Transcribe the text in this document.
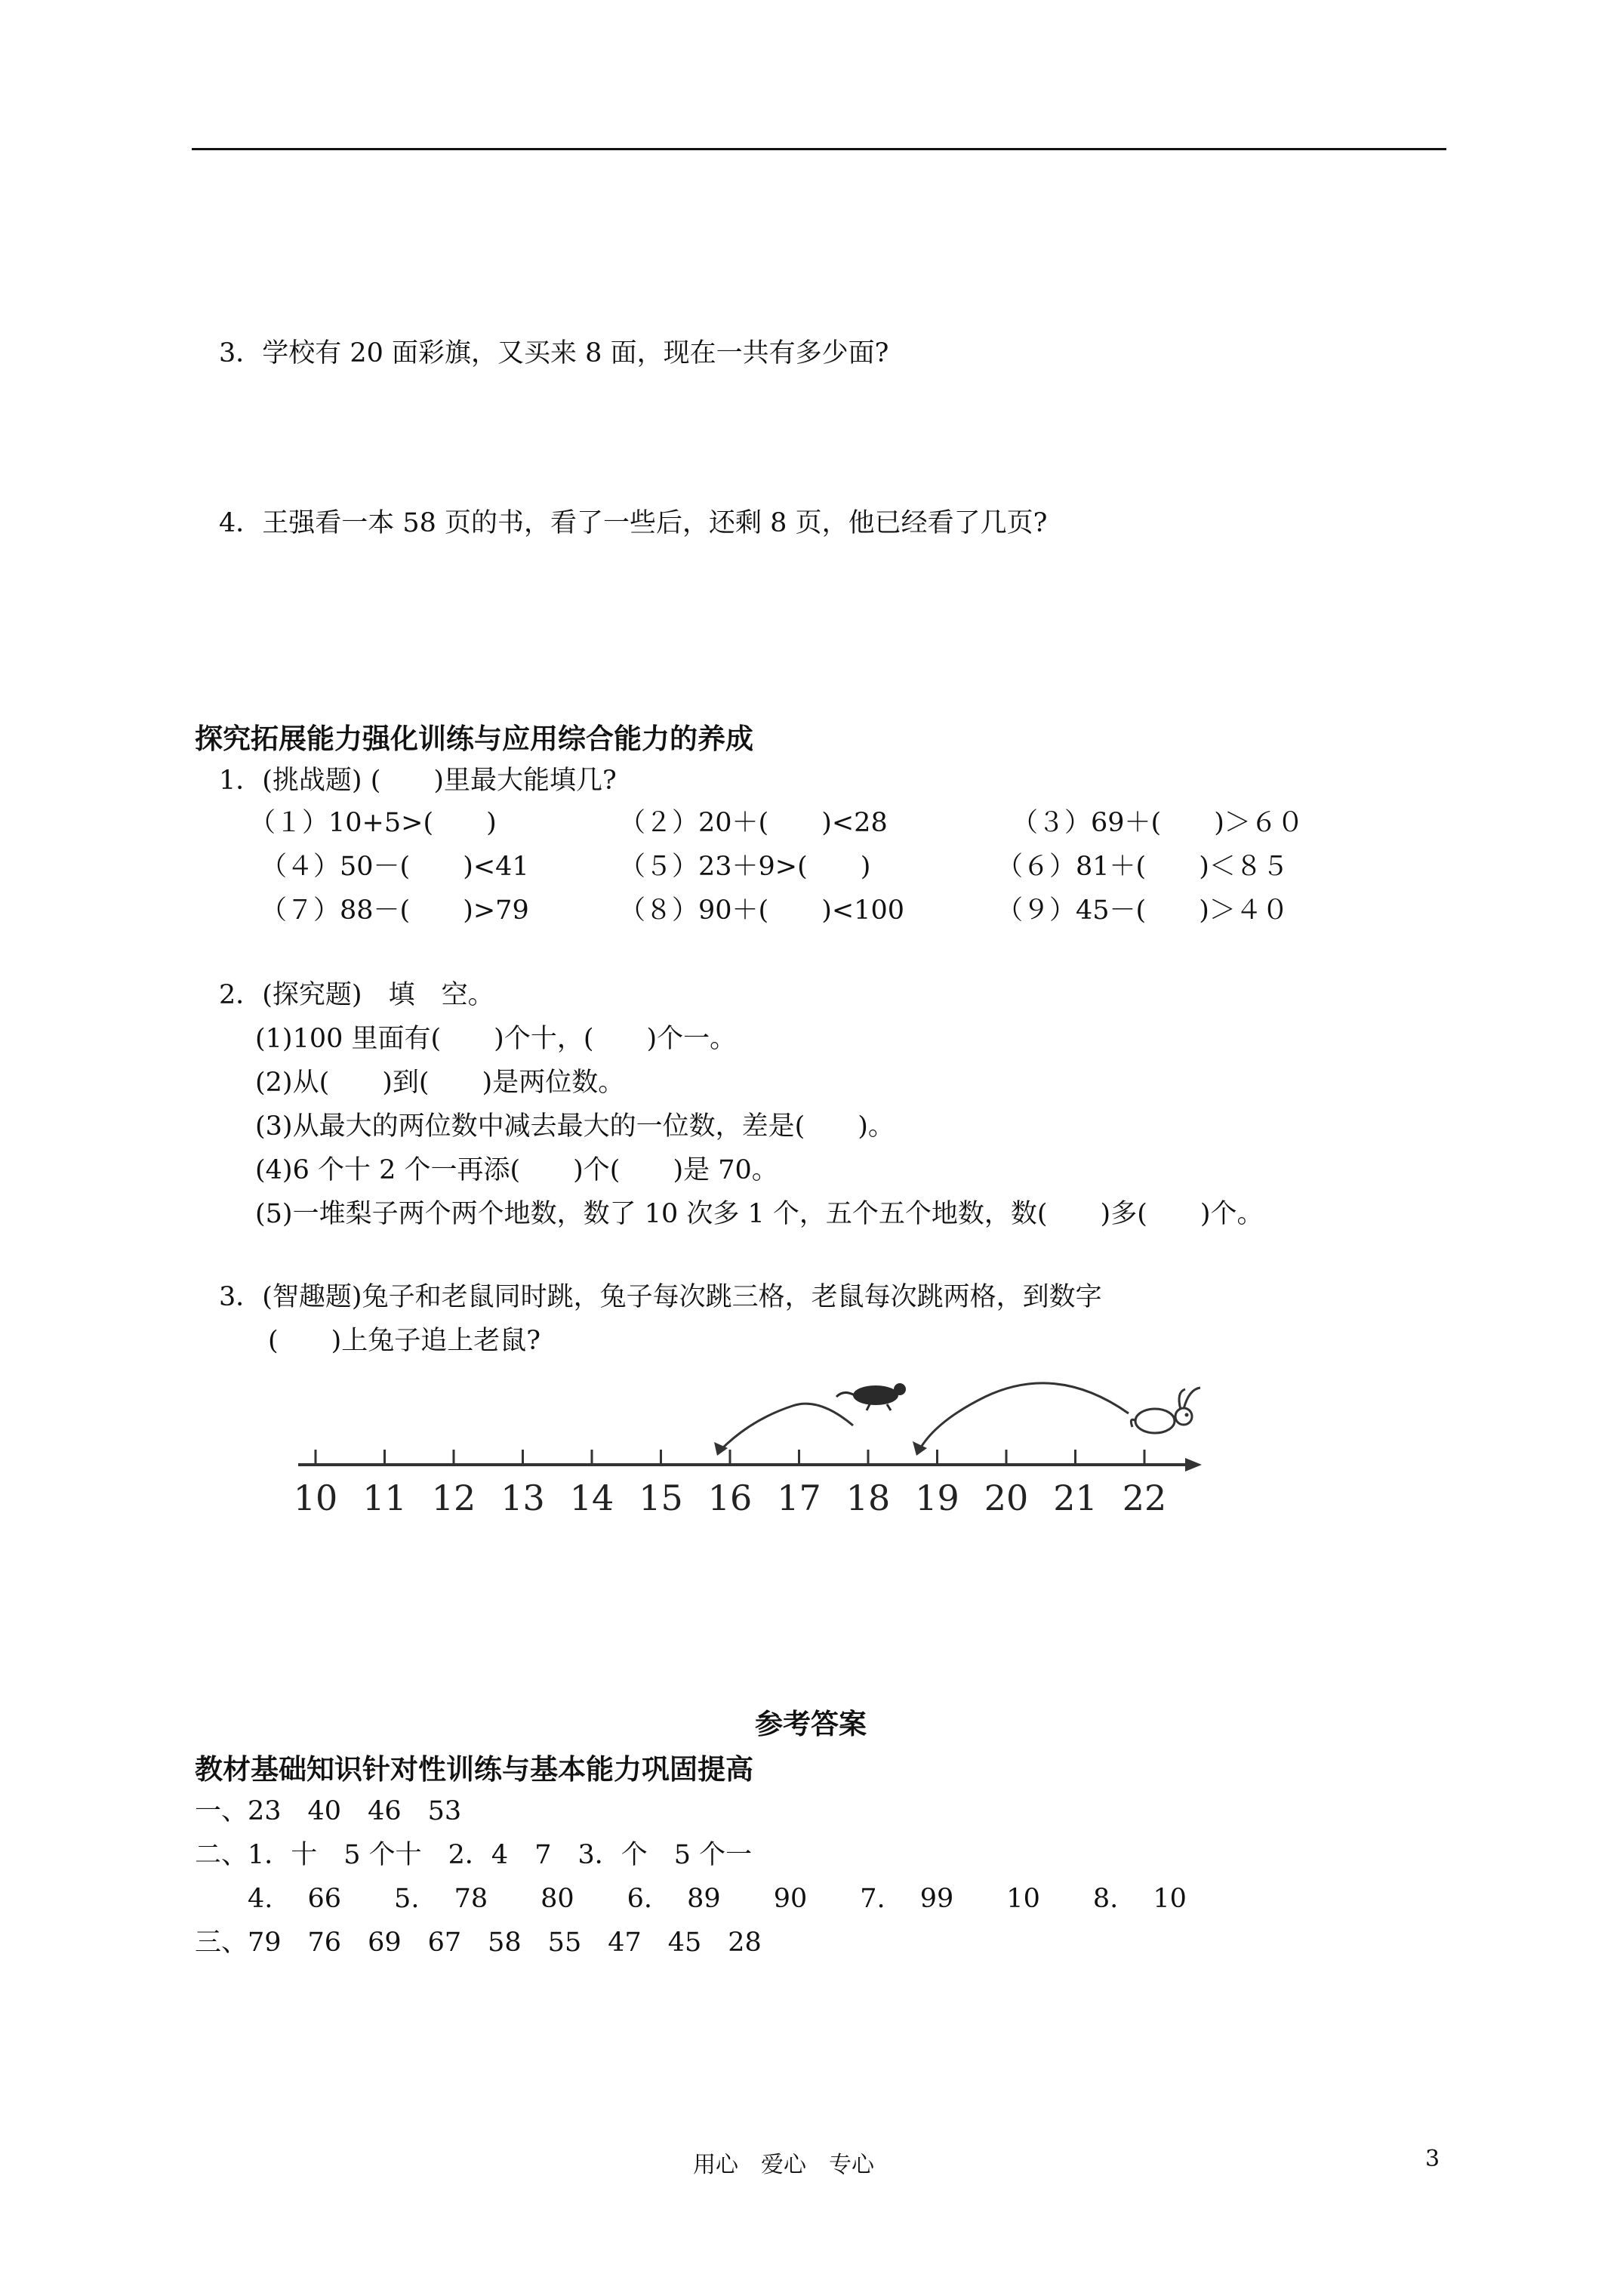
3．学校有 20 面彩旗，又买来 8 面，现在一共有多少面?
4．王强看一本 58 页的书，看了一些后，还剩 8 页，他已经看了几页?
探究拓展能力强化训练与应用综合能力的养成
1．(挑战题) (　　)里最大能填几?
（１）10+5>(　　)	（２）20＋(　　)<28	（３）69＋(　　)＞６０
（４）50－(　　)<41	（５）23＋9>(　　)	（６）81＋(　　)＜８５
（７）88－(　　)>79	（８）90＋(　　)<100	（９）45－(　　)＞４０
2．(探究题)　填　空。
(1)100 里面有(　　)个十，(　　)个一。
(2)从(　　)到(　　)是两位数。
(3)从最大的两位数中减去最大的一位数，差是(　　)。
(4)6 个十 2 个一再添(　　)个(　　)是 70。
(5)一堆梨子两个两个地数，数了 10 次多 1 个，五个五个地数，数(　　)多(　　)个。
3．(智趣题)兔子和老鼠同时跳，兔子每次跳三格，老鼠每次跳两格，到数字
(　　)上兔子追上老鼠?
10 11 12 13 14 15 16 17 18 19 20 21 22
参考答案
教材基础知识针对性训练与基本能力巩固提高
一、23　40　46　53
二、1．十　5 个十　2．4　7　3．个　5 个一
　　4.　 66　　5.　 78　　80　　6.　 89　　90　　7.　 99　　10　　8.　 10
三、79　76　69　67　58　55　47　45　28
用心　爱心　专心	3
